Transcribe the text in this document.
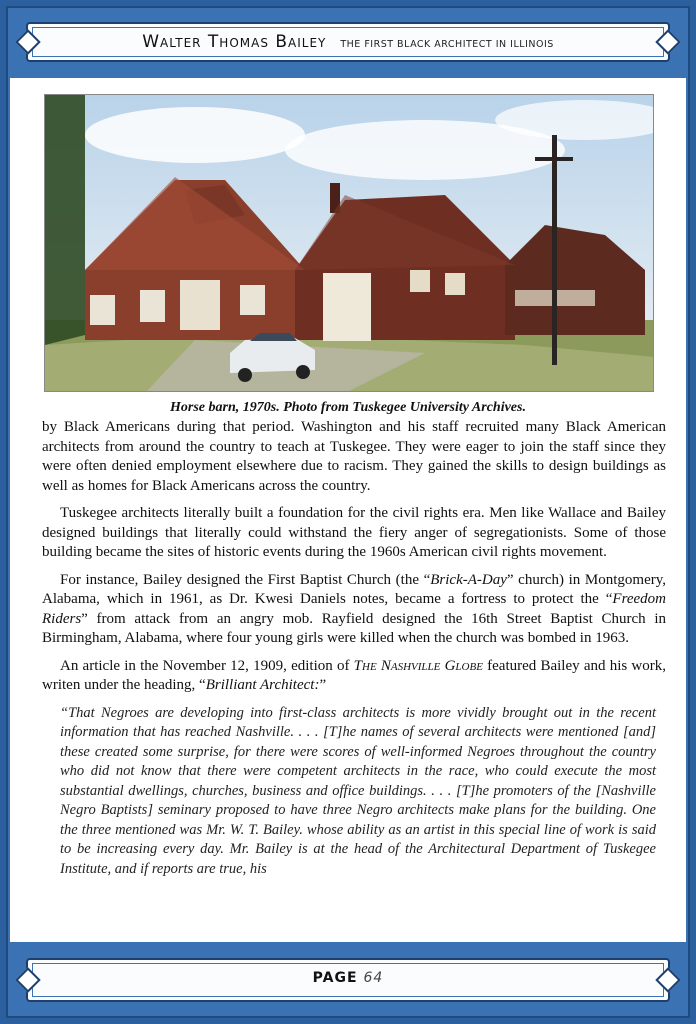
Walter Thomas Bailey THE FIRST BLACK ARCHITECT IN ILLINOIS
Horse barn, 1970s. Photo from Tuskegee University Archives.

by Black Americans during that period. Washington and his staff recruited many Black American architects from around the country to teach at Tuskegee. They were eager to join the staff since they were often denied employment elsewhere due to racism. They gained the skills to design buildings as well as homes for Black Americans across the country.

Tuskegee architects literally built a foundation for the civil rights era. Men like Wallace and Bailey designed buildings that literally could withstand the fiery anger of segregationists. Some of those building became the sites of historic events during the 1960s American civil rights movement.

For instance, Bailey designed the First Baptist Church (the “Brick-A-Day” church) in Montgomery, Alabama, which in 1961, as Dr. Kwesi Daniels notes, became a fortress to protect the “Freedom Riders” from attack from an angry mob. Rayfield designed the 16th Street Baptist Church in Birmingham, Alabama, where four young girls were killed when the church was bombed in 1963.

An article in the November 12, 1909, edition of The Nashville Globe featured Bailey and his work, writen under the heading, “Brilliant Architect:”

“That Negroes are developing into first-class architects is more vividly brought out in the recent information that has reached Nashville. . . . [T]he names of several architects were mentioned [and] these created some surprise, for there were scores of well-informed Negroes throughout the country who did not know that there were competent architects in the race, who could execute the most substantial dwellings, churches, business and office buildings. . . . [T]he promoters of the [Nashville Negro Baptists] seminary proposed to have three Negro architects make plans for the building. One the three mentioned was Mr. W. T. Bailey. whose ability as an artist in this special line of work is said to be increasing every day. Mr. Bailey is at the head of the Architectural Department of Tuskegee Institute, and if reports are true, his
PAGE 64
